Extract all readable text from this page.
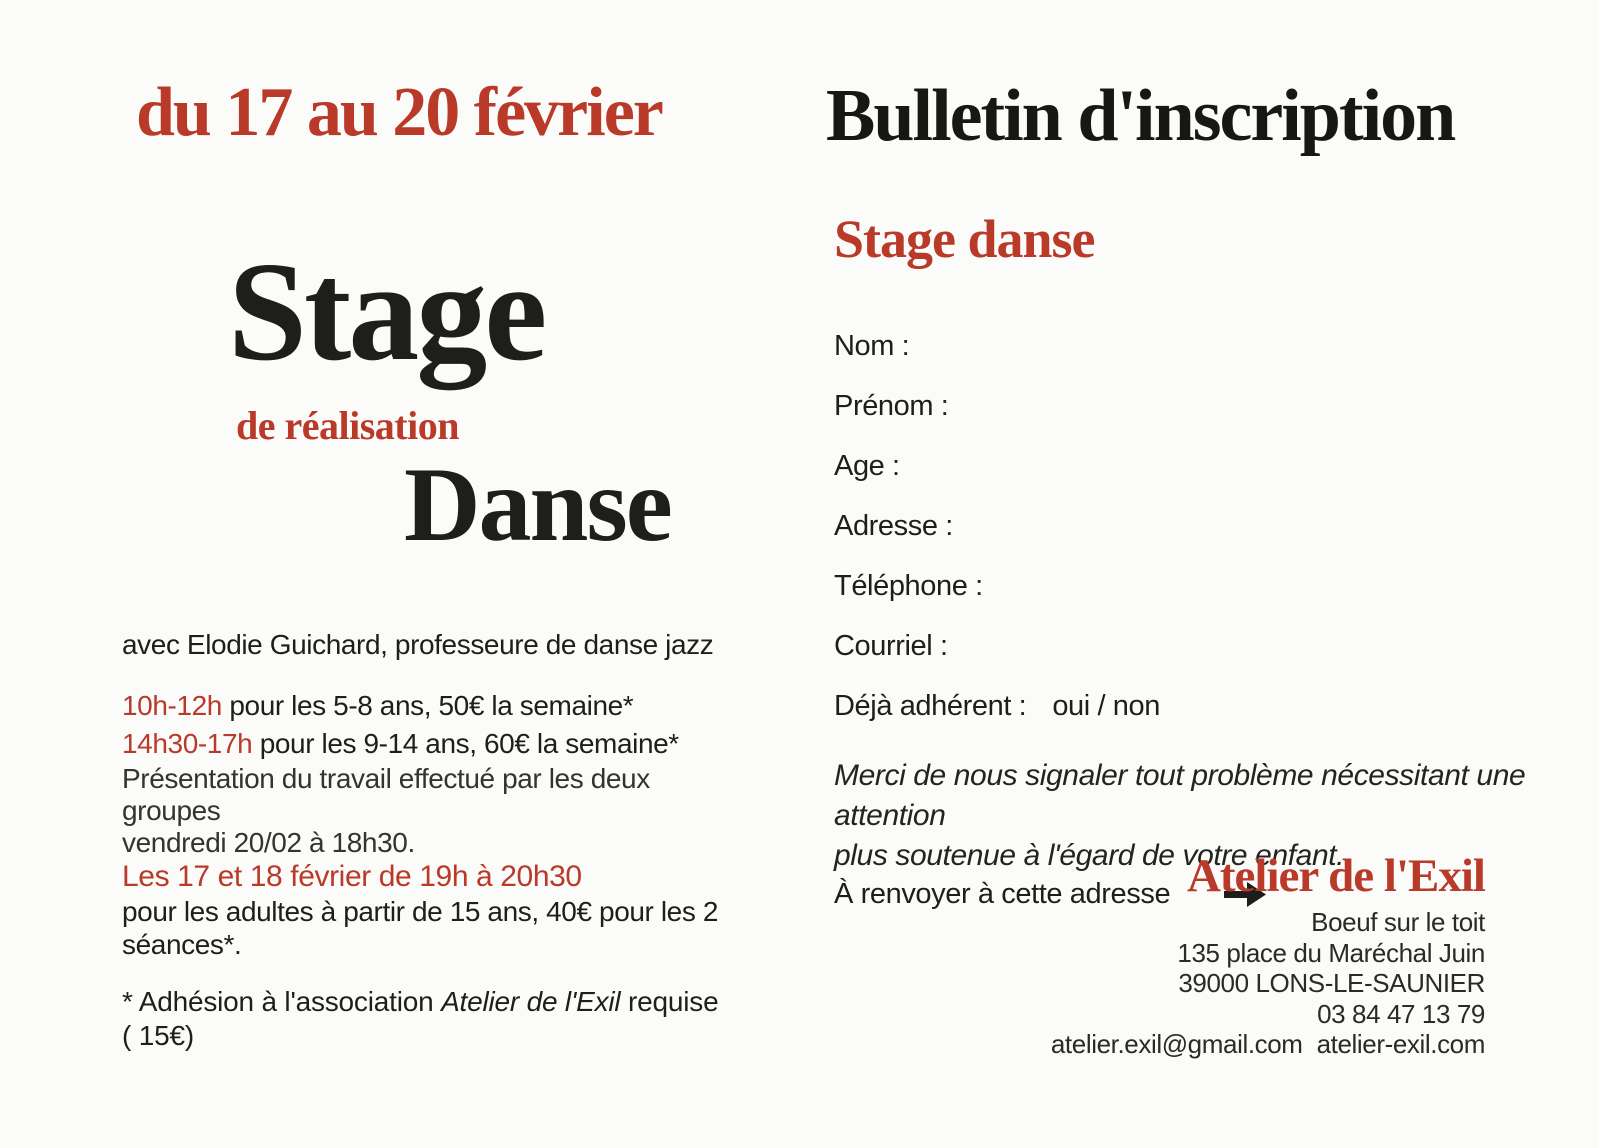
du 17 au 20 février
Stage
de réalisation
Danse
avec Elodie Guichard, professeure de danse jazz
10h-12h pour les 5-8 ans, 50€ la semaine*
14h30-17h pour les 9-14 ans, 60€ la semaine*
Présentation du travail effectué par les deux groupes
vendredi 20/02 à 18h30.
Les 17 et 18 février de 19h à 20h30
pour les adultes à partir de 15 ans, 40€ pour les 2 séances*.
* Adhésion à l'association Atelier de l'Exil requise ( 15€)
Bulletin d'inscription
Stage danse
Nom :
Prénom :
Age :
Adresse :
Téléphone :
Courriel :
Déjà adhérent : oui / non
Merci de nous signaler tout problème nécessitant une attention
plus soutenue à l'égard de votre enfant.
À renvoyer à cette adresse Atelier de l'Exil
Boeuf sur le toit
135 place du Maréchal Juin
39000 LONS-LE-SAUNIER
03 84 47 13 79
atelier.exil@gmail.com atelier-exil.com
